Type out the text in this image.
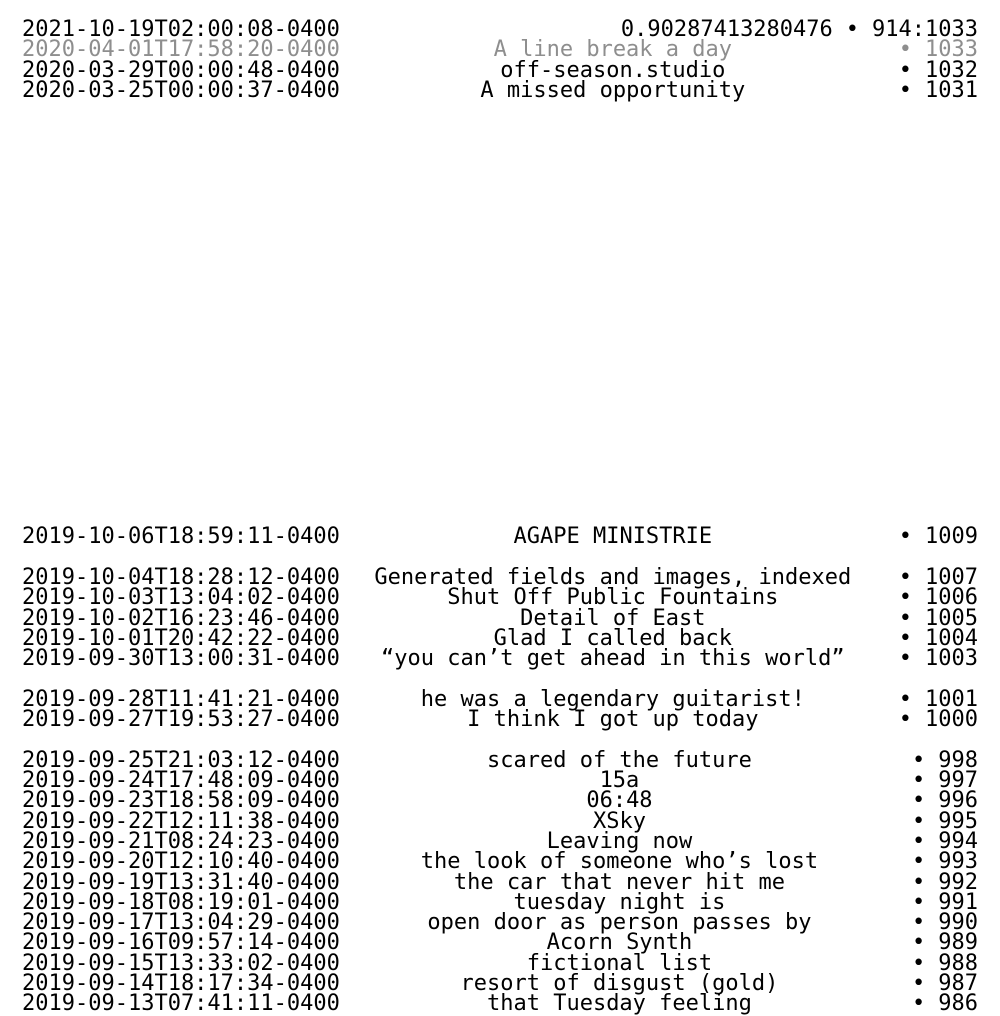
2021-10-19T02:00:08-0400	0.90287413280476 • 914:1033
2020-04-01T17:58:20-0400	A line break a day	• 1033
2020-03-29T00:00:48-0400	off-season.studio	• 1032
2020-03-25T00:00:37-0400	A missed opportunity	• 1031
2019-10-06T18:59:11-0400	AGAPE MINISTRIE	• 1009
2019-10-04T18:28:12-0400	Generated fields and images, indexed	• 1007
2019-10-03T13:04:02-0400	Shut Off Public Fountains	• 1006
2019-10-02T16:23:46-0400	Detail of East	• 1005
2019-10-01T20:42:22-0400	Glad I called back	• 1004
2019-09-30T13:00:31-0400	“you can’t get ahead in this world”	• 1003
2019-09-28T11:41:21-0400	he was a legendary guitarist!	• 1001
2019-09-27T19:53:27-0400	I think I got up today	• 1000
2019-09-25T21:03:12-0400	scared of the future	• 998
2019-09-24T17:48:09-0400	15a	• 997
2019-09-23T18:58:09-0400	06:48	• 996
2019-09-22T12:11:38-0400	XSky	• 995
2019-09-21T08:24:23-0400	Leaving now	• 994
2019-09-20T12:10:40-0400	the look of someone who’s lost	• 993
2019-09-19T13:31:40-0400	the car that never hit me	• 992
2019-09-18T08:19:01-0400	tuesday night is	• 991
2019-09-17T13:04:29-0400	open door as person passes by	• 990
2019-09-16T09:57:14-0400	Acorn Synth	• 989
2019-09-15T13:33:02-0400	fictional list	• 988
2019-09-14T18:17:34-0400	resort of disgust (gold)	• 987
2019-09-13T07:41:11-0400	that Tuesday feeling	• 986
